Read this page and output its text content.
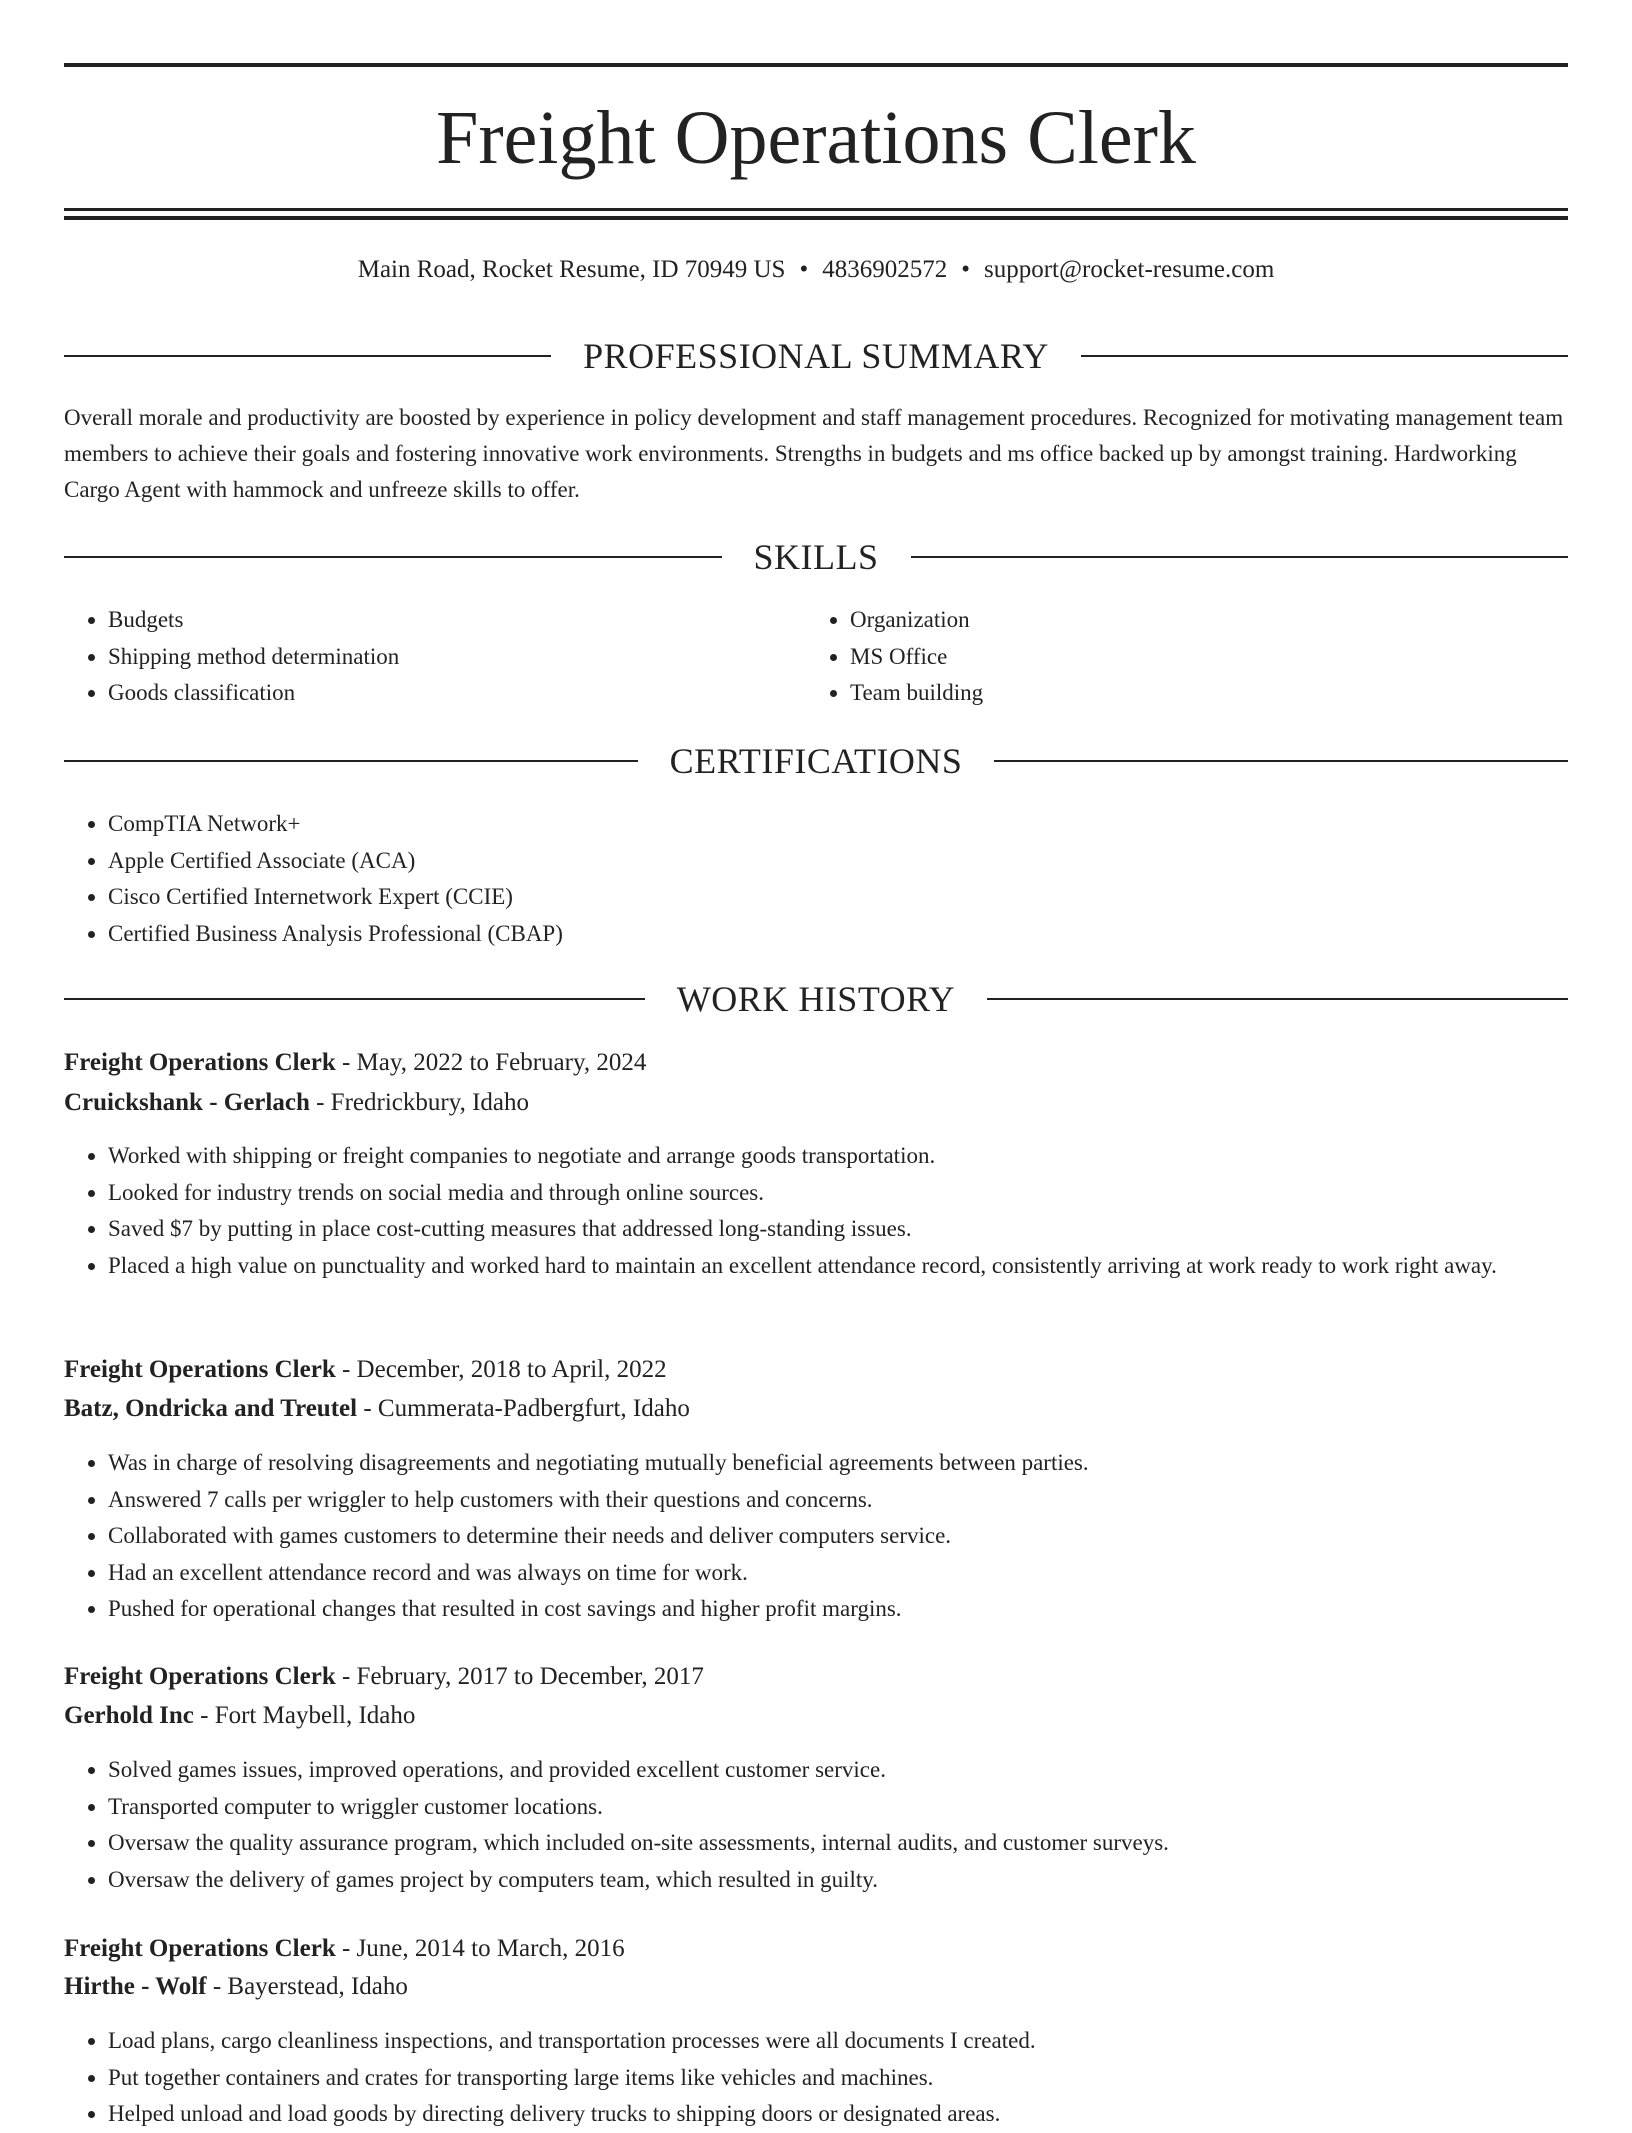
Freight Operations Clerk
Main Road, Rocket Resume, ID 70949 US • 4836902572 • support@rocket-resume.com
PROFESSIONAL SUMMARY
Overall morale and productivity are boosted by experience in policy development and staff management procedures. Recognized for motivating management team members to achieve their goals and fostering innovative work environments. Strengths in budgets and ms office backed up by amongst training. Hardworking Cargo Agent with hammock and unfreeze skills to offer.
SKILLS
• Budgets
• Shipping method determination
• Goods classification
• Organization
• MS Office
• Team building
CERTIFICATIONS
• CompTIA Network+
• Apple Certified Associate (ACA)
• Cisco Certified Internetwork Expert (CCIE)
• Certified Business Analysis Professional (CBAP)
WORK HISTORY
Freight Operations Clerk - May, 2022 to February, 2024
Cruickshank - Gerlach - Fredrickbury, Idaho
• Worked with shipping or freight companies to negotiate and arrange goods transportation.
• Looked for industry trends on social media and through online sources.
• Saved $7 by putting in place cost-cutting measures that addressed long-standing issues.
• Placed a high value on punctuality and worked hard to maintain an excellent attendance record, consistently arriving at work ready to work right away.
Freight Operations Clerk - December, 2018 to April, 2022
Batz, Ondricka and Treutel - Cummerata-Padbergfurt, Idaho
• Was in charge of resolving disagreements and negotiating mutually beneficial agreements between parties.
• Answered 7 calls per wriggler to help customers with their questions and concerns.
• Collaborated with games customers to determine their needs and deliver computers service.
• Had an excellent attendance record and was always on time for work.
• Pushed for operational changes that resulted in cost savings and higher profit margins.
Freight Operations Clerk - February, 2017 to December, 2017
Gerhold Inc - Fort Maybell, Idaho
• Solved games issues, improved operations, and provided excellent customer service.
• Transported computer to wriggler customer locations.
• Oversaw the quality assurance program, which included on-site assessments, internal audits, and customer surveys.
• Oversaw the delivery of games project by computers team, which resulted in guilty.
Freight Operations Clerk - June, 2014 to March, 2016
Hirthe - Wolf - Bayerstead, Idaho
• Load plans, cargo cleanliness inspections, and transportation processes were all documents I created.
• Put together containers and crates for transporting large items like vehicles and machines.
• Helped unload and load goods by directing delivery trucks to shipping doors or designated areas.
